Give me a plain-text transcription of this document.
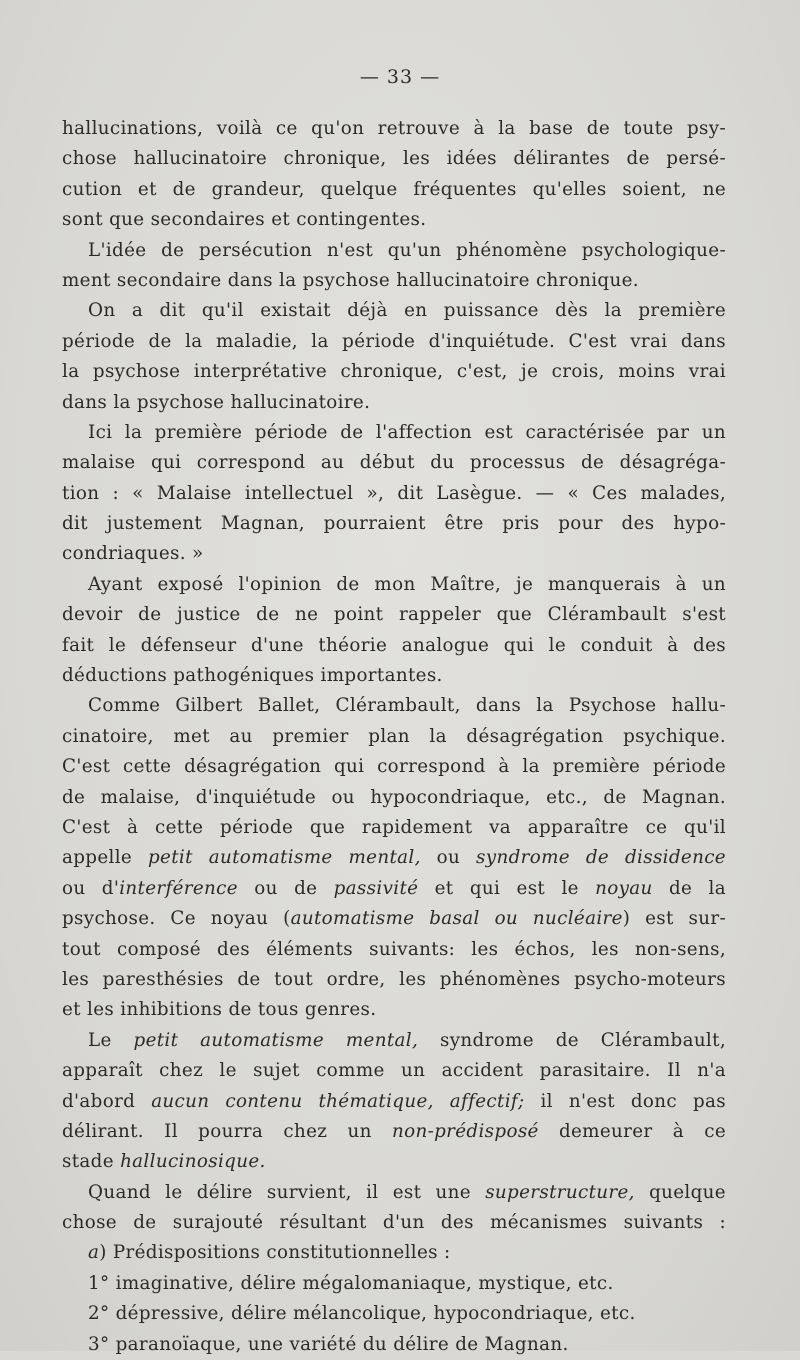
— 33 —
hallucinations, voilà ce qu'on retrouve à la base de toute psy-
chose hallucinatoire chronique, les idées délirantes de persé-
cution et de grandeur, quelque fréquentes qu'elles soient, ne
sont que secondaires et contingentes.
L'idée de persécution n'est qu'un phénomène psychologique-
ment secondaire dans la psychose hallucinatoire chronique.
On a dit qu'il existait déjà en puissance dès la première
période de la maladie, la période d'inquiétude. C'est vrai dans
la psychose interprétative chronique, c'est, je crois, moins vrai
dans la psychose hallucinatoire.
Ici la première période de l'affection est caractérisée par un
malaise qui correspond au début du processus de désagréga-
tion : « Malaise intellectuel », dit Lasègue. — « Ces malades,
dit justement Magnan, pourraient être pris pour des hypo-
condriaques. »
Ayant exposé l'opinion de mon Maître, je manquerais à un
devoir de justice de ne point rappeler que Clérambault s'est
fait le défenseur d'une théorie analogue qui le conduit à des
déductions pathogéniques importantes.
Comme Gilbert Ballet, Clérambault, dans la Psychose hallu-
cinatoire, met au premier plan la désagrégation psychique.
C'est cette désagrégation qui correspond à la première période
de malaise, d'inquiétude ou hypocondriaque, etc., de Magnan.
C'est à cette période que rapidement va apparaître ce qu'il
appelle petit automatisme mental, ou syndrome de dissidence
ou d'interférence ou de passivité et qui est le noyau de la
psychose. Ce noyau (automatisme basal ou nucléaire) est sur-
tout composé des éléments suivants: les échos, les non-sens,
les paresthésies de tout ordre, les phénomènes psycho-moteurs
et les inhibitions de tous genres.
Le petit automatisme mental, syndrome de Clérambault,
apparaît chez le sujet comme un accident parasitaire. Il n'a
d'abord aucun contenu thématique, affectif; il n'est donc pas
délirant. Il pourra chez un non-prédisposé demeurer à ce
stade hallucinosique.
Quand le délire survient, il est une superstructure, quelque
chose de surajouté résultant d'un des mécanismes suivants :
a) Prédispositions constitutionnelles :
1° imaginative, délire mégalomaniaque, mystique, etc.
2° dépressive, délire mélancolique, hypocondriaque, etc.
3° paranoïaque, une variété du délire de Magnan.
